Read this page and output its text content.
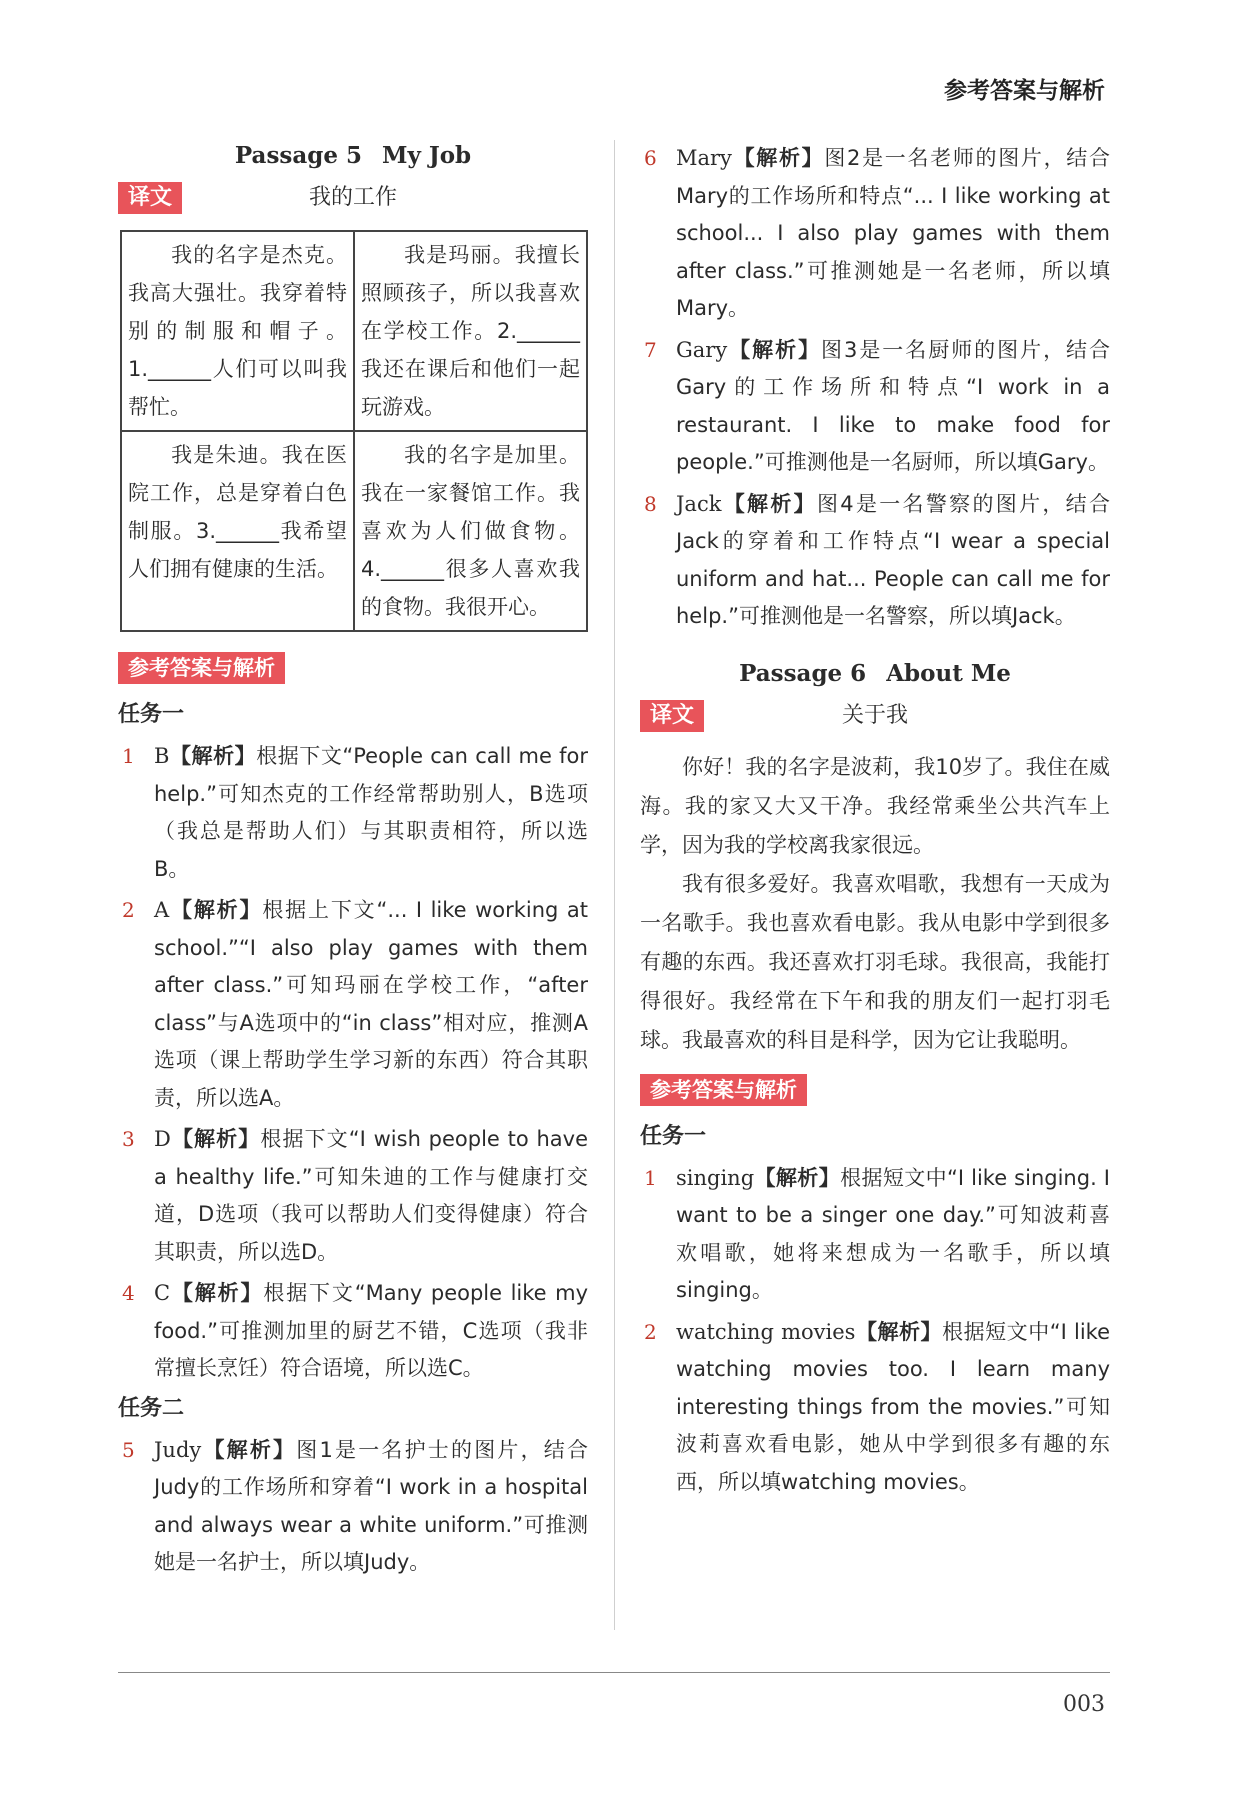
参考答案与解析
Passage 5 My Job
译文	我的工作
我的名字是杰克。我高大强壮。我穿着特别的制服和帽子。1.______人们可以叫我帮忙。	我是玛丽。我擅长照顾孩子，所以我喜欢在学校工作。2.______我还在课后和他们一起玩游戏。
我是朱迪。我在医院工作，总是穿着白色制服。3.______我希望人们拥有健康的生活。	我的名字是加里。我在一家餐馆工作。我喜欢为人们做食物。4.______很多人喜欢我的食物。我很开心。
参考答案与解析
任务一
1 B【解析】根据下文“People can call me for help.”可知杰克的工作经常帮助别人，B选项（我总是帮助人们）与其职责相符，所以选B。
2 A【解析】根据上下文“... I like working at school.”“I also play games with them after class.”可知玛丽在学校工作，“after class”与A选项中的“in class”相对应，推测A选项（课上帮助学生学习新的东西）符合其职责，所以选A。
3 D【解析】根据下文“I wish people to have a healthy life.”可知朱迪的工作与健康打交道，D选项（我可以帮助人们变得健康）符合其职责，所以选D。
4 C【解析】根据下文“Many people like my food.”可推测加里的厨艺不错，C选项（我非常擅长烹饪）符合语境，所以选C。
任务二
5 Judy【解析】图1是一名护士的图片，结合Judy的工作场所和穿着“I work in a hospital and always wear a white uniform.”可推测她是一名护士，所以填Judy。
6 Mary【解析】图2是一名老师的图片，结合Mary的工作场所和特点“... I like working at school... I also play games with them after class.”可推测她是一名老师，所以填Mary。
7 Gary【解析】图3是一名厨师的图片，结合Gary的工作场所和特点“I work in a restaurant. I like to make food for people.”可推测他是一名厨师，所以填Gary。
8 Jack【解析】图4是一名警察的图片，结合Jack的穿着和工作特点“I wear a special uniform and hat... People can call me for help.”可推测他是一名警察，所以填Jack。
Passage 6 About Me
译文	关于我

你好！我的名字是波莉，我10岁了。我住在威海。我的家又大又干净。我经常乘坐公共汽车上学，因为我的学校离我家很远。

我有很多爱好。我喜欢唱歌，我想有一天成为一名歌手。我也喜欢看电影。我从电影中学到很多有趣的东西。我还喜欢打羽毛球。我很高，我能打得很好。我经常在下午和我的朋友们一起打羽毛球。我最喜欢的科目是科学，因为它让我聪明。

参考答案与解析
任务一
1 singing【解析】根据短文中“I like singing. I want to be a singer one day.”可知波莉喜欢唱歌，她将来想成为一名歌手，所以填singing。
2 watching movies【解析】根据短文中“I like watching movies too. I learn many interesting things from the movies.”可知波莉喜欢看电影，她从中学到很多有趣的东西，所以填watching movies。
003
